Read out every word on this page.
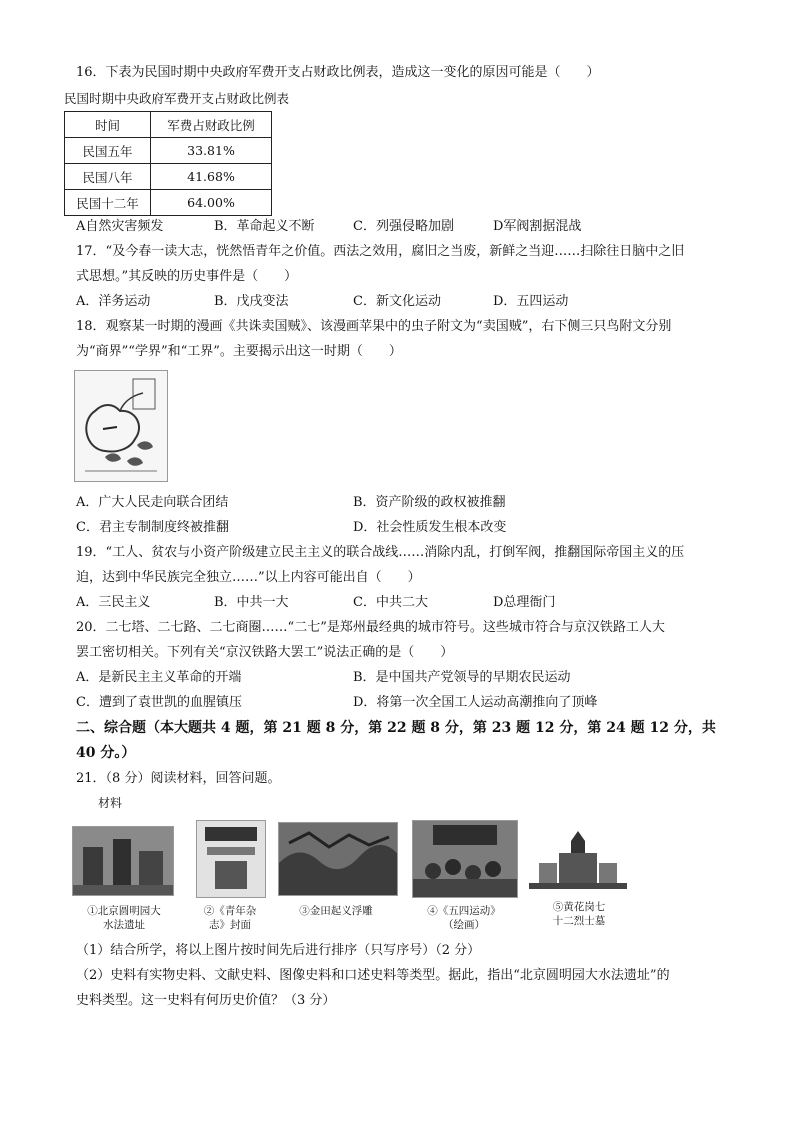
16．下表为民国时期中央政府军费开支占财政比例表，造成这一变化的原因可能是（　　）
民国时期中央政府军费开支占财政比例表
时间	军费占财政比例
民国五年	33.81%
民国八年	41.68%
民国十二年	64.00%
A自然灾害频发	B．革命起义不断	C．列强侵略加剧	D军阀割据混战
17．“及今春一读大志，恍然悟青年之价值。西法之效用，腐旧之当废，新鲜之当迎……扫除往日脑中之旧
式思想。”其反映的历史事件是（　　）
A．洋务运动	B．戊戌变法	C．新文化运动	D．五四运动
18．观察某一时期的漫画《共诛卖国贼》、该漫画苹果中的虫子附文为“卖国贼”，右下侧三只鸟附文分别
为“商界”“学界”和“工界”。主要揭示出这一时期（　　）
A．广大人民走向联合团结	B．资产阶级的政权被推翻
C．君主专制制度终被推翻	D．社会性质发生根本改变
19．“工人、贫农与小资产阶级建立民主主义的联合战线……消除内乱，打倒军阀，推翻国际帝国主义的压
迫，达到中华民族完全独立……”以上内容可能出自（　　）
A．三民主义	B．中共一大	C．中共二大	D总理衙门
20．二七塔、二七路、二七商圈……“二七”是郑州最经典的城市符号。这些城市符合与京汉铁路工人大
罢工密切相关。下列有关“京汉铁路大罢工”说法正确的是（　　）
A．是新民主主义革命的开端	B．是中国共产党领导的早期农民运动
C．遭到了袁世凯的血腥镇压	D．将第一次全国工人运动高潮推向了顶峰
二、综合题（本大题共 4 题，第 21 题 8 分，第 22 题 8 分，第 23 题 12 分，第 24 题 12 分，共
40 分。）
21．（8 分）阅读材料，回答问题。
材料
①北京圆明园大
水法遗址
②《青年杂
志》封面
③金田起义浮雕	④《五四运动》
（绘画）
⑤黄花岗七
十二烈士墓
（1）结合所学，将以上图片按时间先后进行排序（只写序号）（2 分）
（2）史料有实物史料、文献史料、图像史料和口述史料等类型。据此，指出“北京圆明园大水法遗址”的
史料类型。这一史料有何历史价值？（3 分）
